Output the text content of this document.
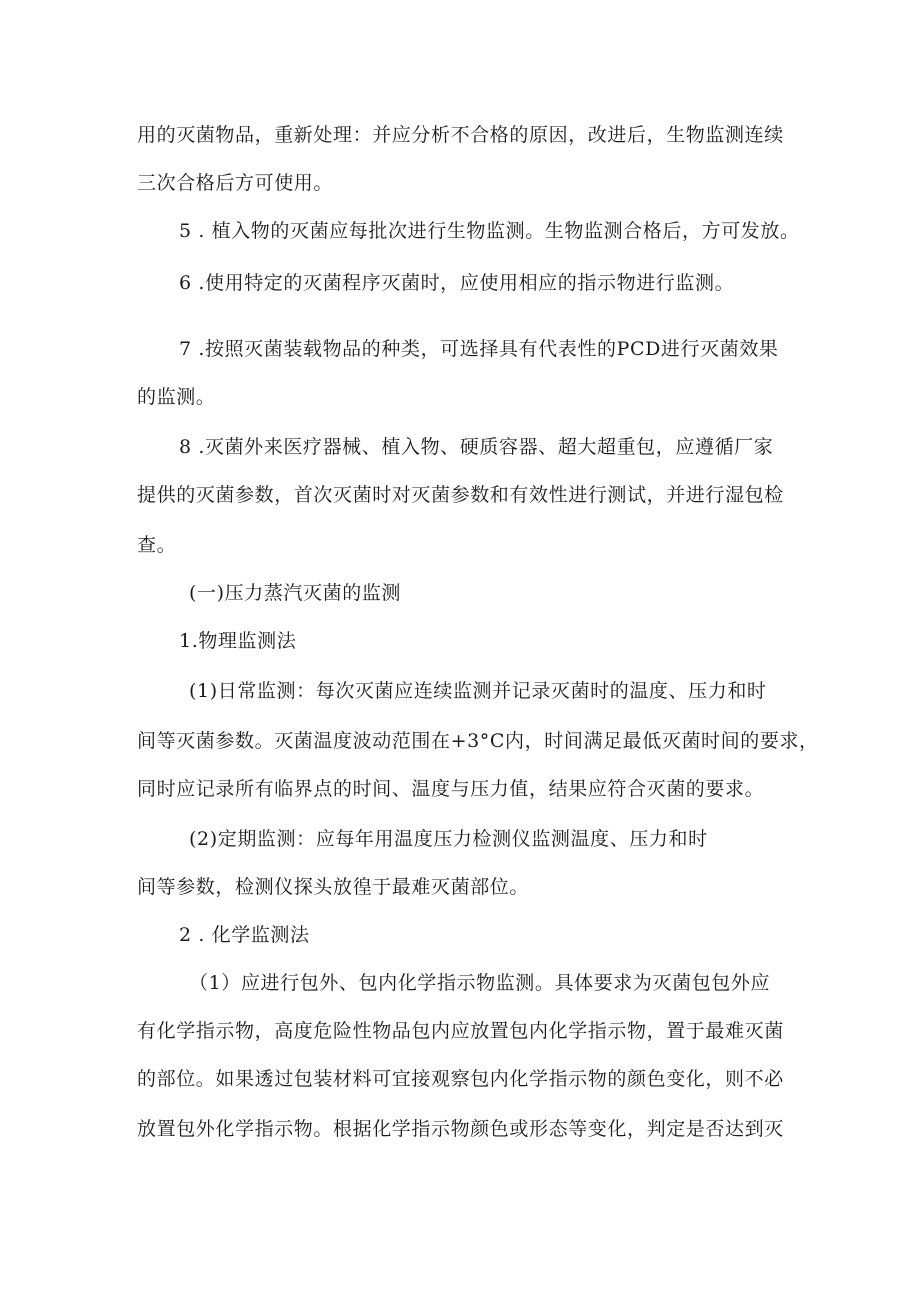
用的灭菌物品，重新处理：并应分析不合格的原因，改进后，生物监测连续
三次合格后方可使用。
5 . 植入物的灭菌应每批次进行生物监测。生物监测合格后，方可发放。
6 .使用特定的灭菌程序灭菌时，应使用相应的指示物进行监测。
7 .按照灭菌装载物品的种类，可选择具有代表性的PCD进行灭菌效果
的监测。
8 .灭菌外来医疗器械、植入物、硬质容器、超大超重包，应遵循厂家
提供的灭菌参数，首次灭菌时对灭菌参数和有效性进行测试，并进行湿包检
查。
(一)压力蒸汽灭菌的监测
1.物理监测法
(1)日常监测：每次灭菌应连续监测并记录灭菌时的温度、压力和时
间等灭菌参数。灭菌温度波动范围在+3°C内，时间满足最低灭菌时间的要求，
同时应记录所有临界点的时间、温度与压力值，结果应符合灭菌的要求。
(2)定期监测：应每年用温度压力检测仪监测温度、压力和时
间等参数，检测仪探头放徨于最难灭菌部位。
2 . 化学监测法
（1）应进行包外、包内化学指示物监测。具体要求为灭菌包包外应
有化学指示物，高度危险性物品包内应放置包内化学指示物，置于最难灭菌
的部位。如果透过包装材料可宜接观察包内化学指示物的颜色变化，则不必
放置包外化学指示物。根据化学指示物颜色或形态等变化，判定是否达到灭
